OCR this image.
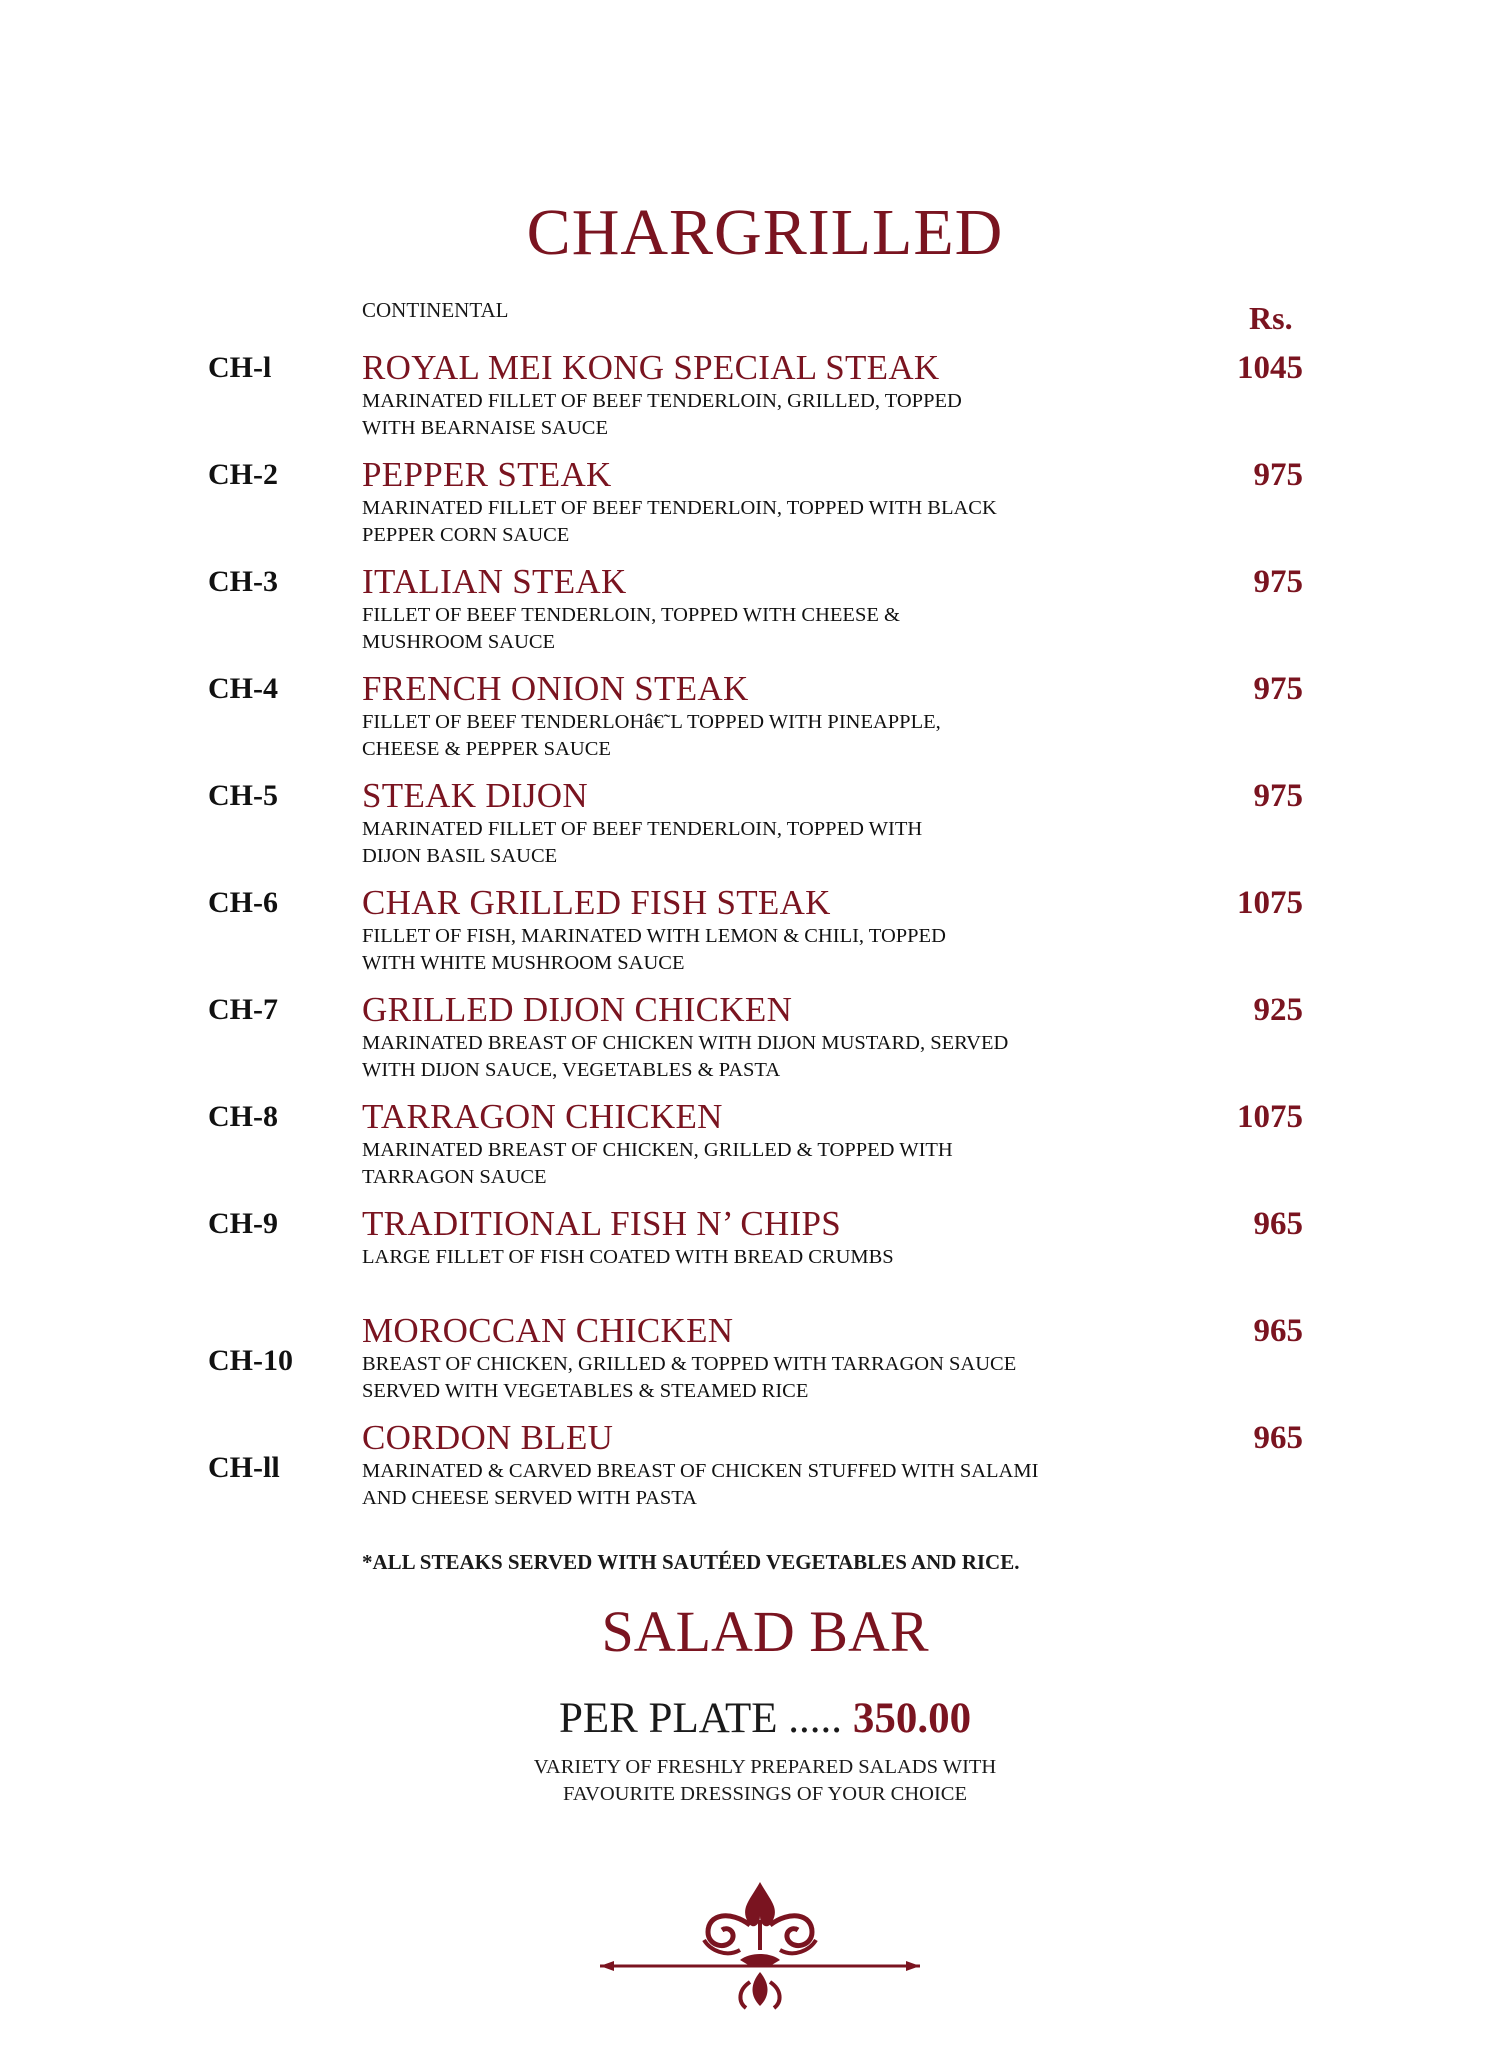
CHARGRILLED
CONTINENTAL	Rs.
CH-l	ROYAL MEI KONG SPECIAL STEAK
MARINATED FILLET OF BEEF TENDERLOIN, GRILLED, TOPPED
WITH BEARNAISE SAUCE
1045
CH-2 PEPPER STEAK
MARINATED FILLET OF BEEF TENDERLOIN, TOPPED WITH BLACK
PEPPER CORN SAUCE
975
CH-3 ITALIAN STEAK
FILLET OF BEEF TENDERLOIN, TOPPED WITH CHEESE &
MUSHROOM SAUCE
975
CH-4 FRENCH ONION STEAK
FILLET OF BEEF TENDERLOHâ€˜L TOPPED WITH PINEAPPLE,
CHEESE & PEPPER SAUCE
975
CH-5 STEAK DIJON
MARINATED FILLET OF BEEF TENDERLOIN, TOPPED WITH
DIJON BASIL SAUCE
975
CH-6 CHAR GRILLED FISH STEAK
FILLET OF FISH, MARINATED WITH LEMON & CHILI, TOPPED
WITH WHITE MUSHROOM SAUCE
1075
CH-7 GRILLED DIJON CHICKEN
MARINATED BREAST OF CHICKEN WITH DIJON MUSTARD, SERVED
WITH DIJON SAUCE, VEGETABLES & PASTA
925
CH-8 TARRAGON CHICKEN
MARINATED BREAST OF CHICKEN, GRILLED & TOPPED WITH
TARRAGON SAUCE
1075
CH-9 TRADITIONAL FISH N’ CHIPS
LARGE FILLET OF FISH COATED WITH BREAD CRUMBS
965
CH-10
MOROCCAN CHICKEN
BREAST OF CHICKEN, GRILLED & TOPPED WITH TARRAGON SAUCE
SERVED WITH VEGETABLES & STEAMED RICE
965
CH-ll
CORDON BLEU
MARINATED & CARVED BREAST OF CHICKEN STUFFED WITH SALAMI
AND CHEESE SERVED WITH PASTA
965
*ALL STEAKS SERVED WITH SAUTÉED VEGETABLES AND RICE.
SALAD BAR
PER PLATE ..... 350.00
VARIETY OF FRESHLY PREPARED SALADS WITH
FAVOURITE DRESSINGS OF YOUR CHOICE
